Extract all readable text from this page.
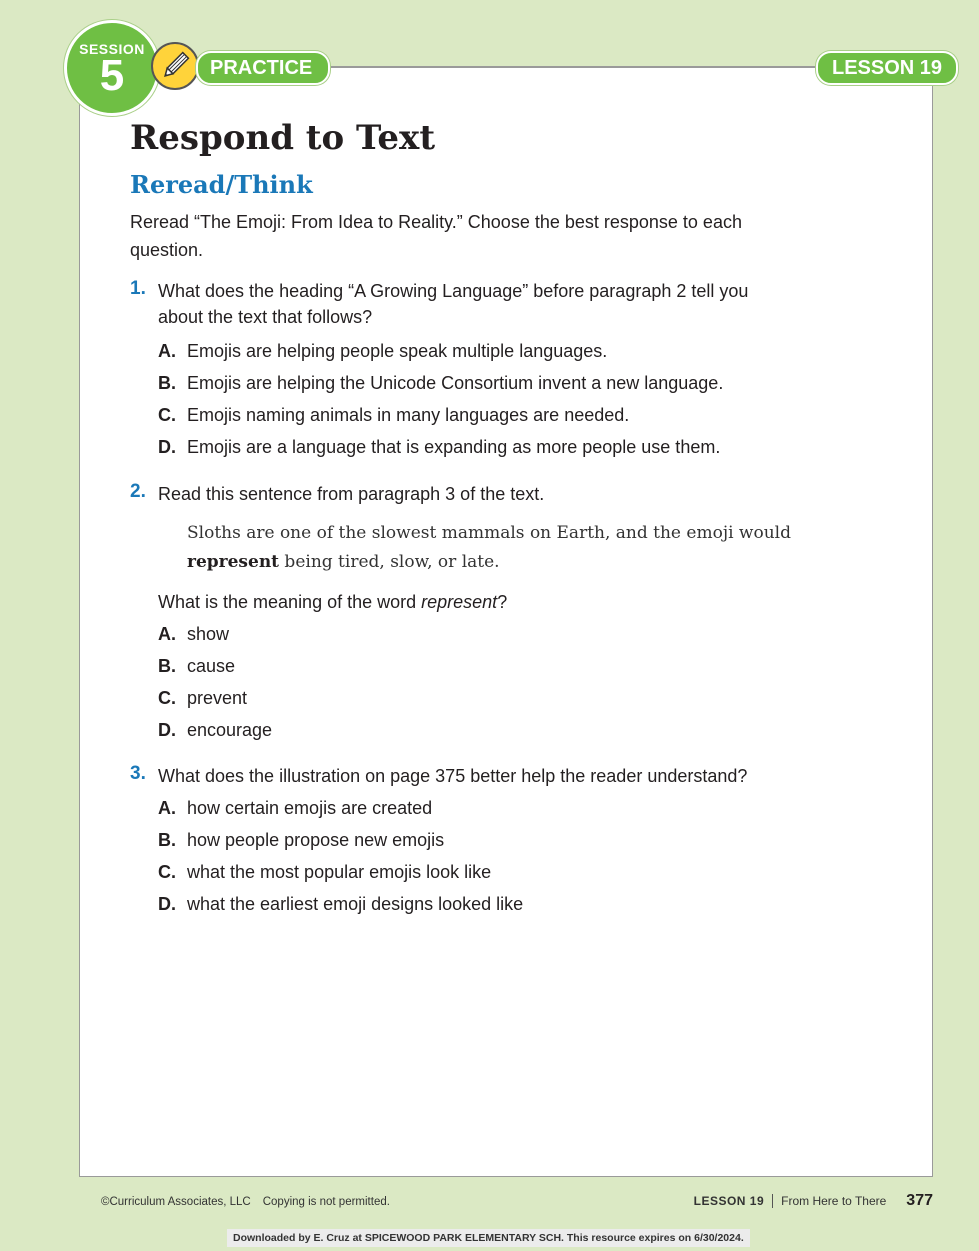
SESSION
5	PRACTICE	LESSON 19
Respond to Text
Reread/Think

Reread “The Emoji: From Idea to Reality.” Choose the best response to each question.

1. What does the heading “A Growing Language” before paragraph 2 tell you about the text that follows?
A. Emojis are helping people speak multiple languages.
B. Emojis are helping the Unicode Consortium invent a new language.
C. Emojis naming animals in many languages are needed.
D. Emojis are a language that is expanding as more people use them.
2. Read this sentence from paragraph 3 of the text.
Sloths are one of the slowest mammals on Earth, and the emoji would represent being tired, slow, or late.
What is the meaning of the word represent?
A. show
B. cause
C. prevent
D. encourage
3. What does the illustration on page 375 better help the reader understand?
A. how certain emojis are created
B. how people propose new emojis
C. what the most popular emojis look like
D. what the earliest emoji designs looked like
©Curriculum Associates, LLC Copying is not permitted.	LESSON 19 From Here to There 377
Downloaded by E. Cruz at SPICEWOOD PARK ELEMENTARY SCH. This resource expires on 6/30/2024.
